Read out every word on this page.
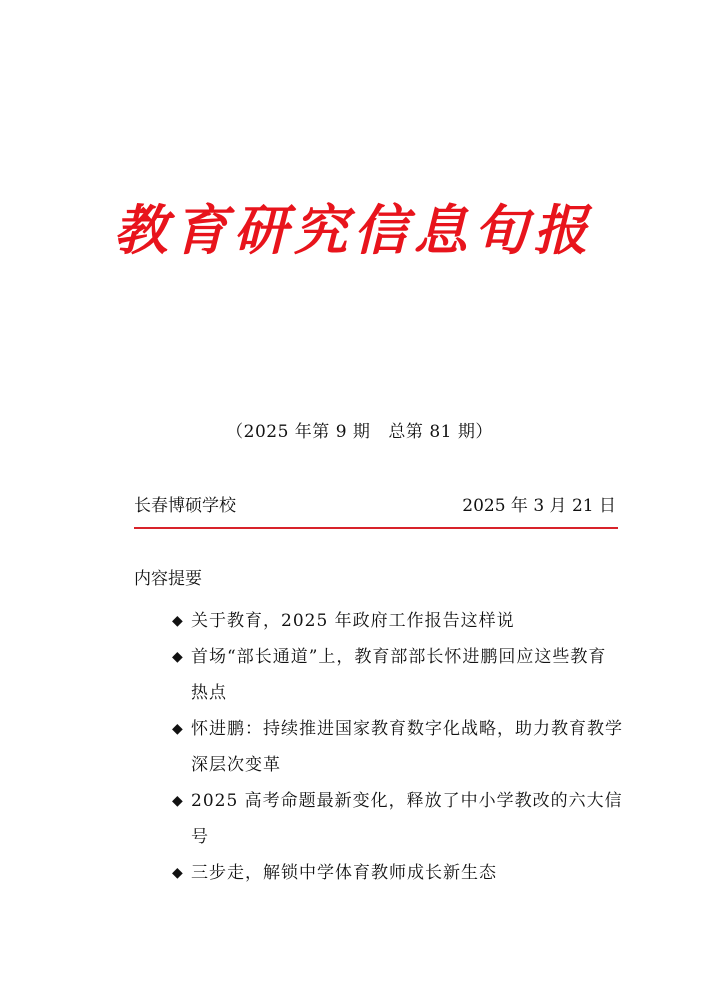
教育研究信息旬报
（2025 年第 9 期 总第 81 期）
长春博硕学校	2025 年 3 月 21 日
内容提要
◆ 关于教育，2025 年政府工作报告这样说
◆ 首场“部长通道”上，教育部部长怀进鹏回应这些教育热点
◆ 怀进鹏：持续推进国家教育数字化战略，助力教育教学深层次变革
◆ 2025 高考命题最新变化，释放了中小学教改的六大信号
◆ 三步走，解锁中学体育教师成长新生态
